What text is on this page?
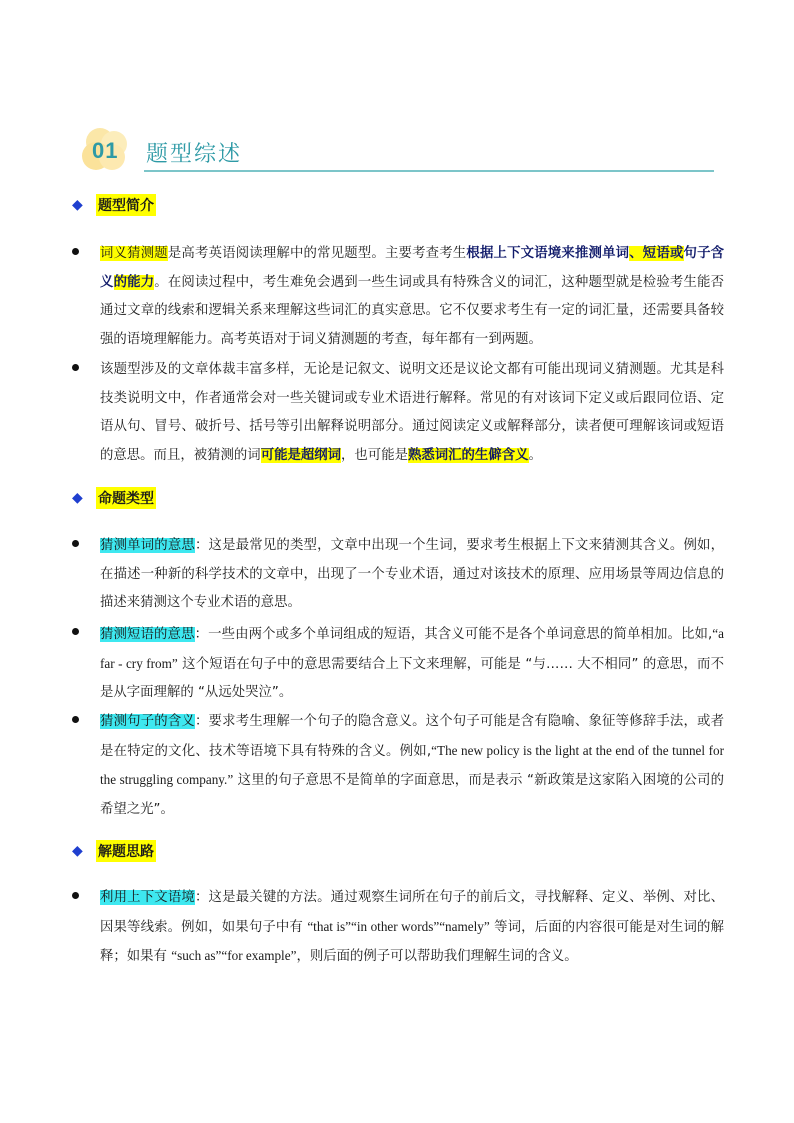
01 题型综述
◆	题型简介

词义猜测题是高考英语阅读理解中的常见题型。主要考查考生根据上下文语境来推测单词、短语或句子含义的能力。在阅读过程中，考生难免会遇到一些生词或具有特殊含义的词汇，这种题型就是检验考生能否通过文章的线索和逻辑关系来理解这些词汇的真实意思。它不仅要求考生有一定的词汇量，还需要具备较强的语境理解能力。高考英语对于词义猜测题的考查，每年都有一到两题。

该题型涉及的文章体裁丰富多样，无论是记叙文、说明文还是议论文都有可能出现词义猜测题。尤其是科技类说明文中，作者通常会对一些关键词或专业术语进行解释。常见的有对该词下定义或后跟同位语、定语从句、冒号、破折号、括号等引出解释说明部分。通过阅读定义或解释部分，读者便可理解该词或短语的意思。而且，被猜测的词可能是超纲词，也可能是熟悉词汇的生僻含义。

◆	命题类型

猜测单词的意思：这是最常见的类型，文章中出现一个生词，要求考生根据上下文来猜测其含义。例如，在描述一种新的科学技术的文章中，出现了一个专业术语，通过对该技术的原理、应用场景等周边信息的描述来猜测这个专业术语的意思。

猜测短语的意思：一些由两个或多个单词组成的短语，其含义可能不是各个单词意思的简单相加。比如,“a far - cry from” 这个短语在句子中的意思需要结合上下文来理解，可能是 “与…… 大不相同” 的意思，而不是从字面理解的 “从远处哭泣”。

猜测句子的含义：要求考生理解一个句子的隐含意义。这个句子可能是含有隐喻、象征等修辞手法，或者是在特定的文化、技术等语境下具有特殊的含义。例如,“The new policy is the light at the end of the tunnel for the struggling company.” 这里的句子意思不是简单的字面意思，而是表示 “新政策是这家陷入困境的公司的希望之光”。

◆	解题思路

利用上下文语境：这是最关键的方法。通过观察生词所在句子的前后文，寻找解释、定义、举例、对比、因果等线索。例如，如果句子中有 “that is”“in other words”“namely” 等词，后面的内容很可能是对生词的解释；如果有 “such as”“for example”，则后面的例子可以帮助我们理解生词的含义。
